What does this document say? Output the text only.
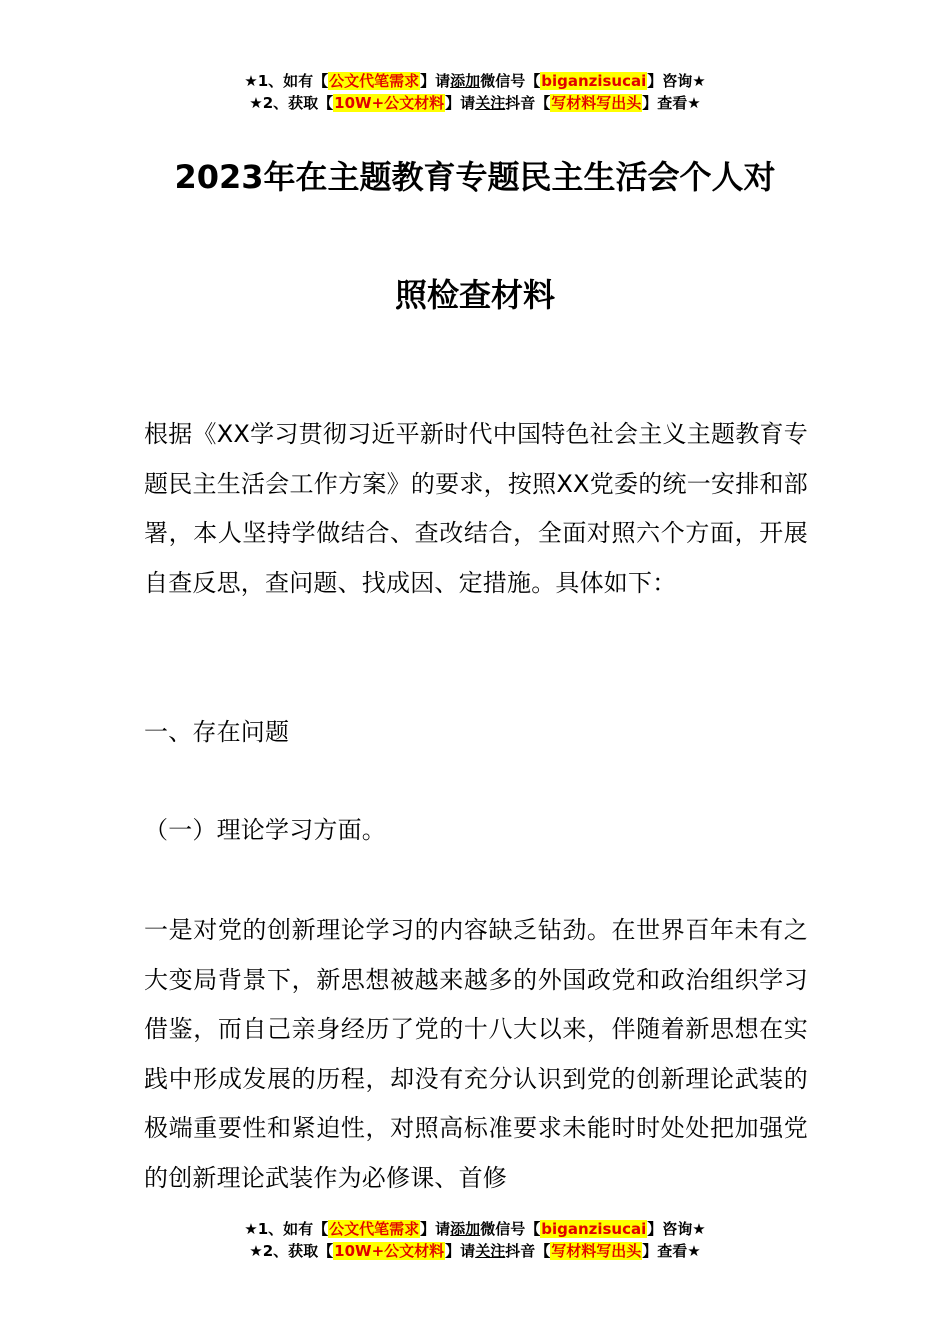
★1、如有【公文代笔需求】请添加微信号【biganzisucai】咨询★
★2、获取【10W+公文材料】请关注抖音【写材料写出头】查看★
2023年在主题教育专题民主生活会个人对
照检查材料
根据《XX学习贯彻习近平新时代中国特色社会主义主题教育专题民主生活会工作方案》的要求，按照XX党委的统一安排和部署，本人坚持学做结合、查改结合，全面对照六个方面，开展自查反思，查问题、找成因、定措施。具体如下：
一、存在问题
（一）理论学习方面。
一是对党的创新理论学习的内容缺乏钻劲。在世界百年未有之大变局背景下，新思想被越来越多的外国政党和政治组织学习借鉴，而自己亲身经历了党的十八大以来，伴随着新思想在实践中形成发展的历程，却没有充分认识到党的创新理论武装的极端重要性和紧迫性，对照高标准要求未能时时处处把加强党的创新理论武装作为必修课、首修
★1、如有【公文代笔需求】请添加微信号【biganzisucai】咨询★
★2、获取【10W+公文材料】请关注抖音【写材料写出头】查看★
